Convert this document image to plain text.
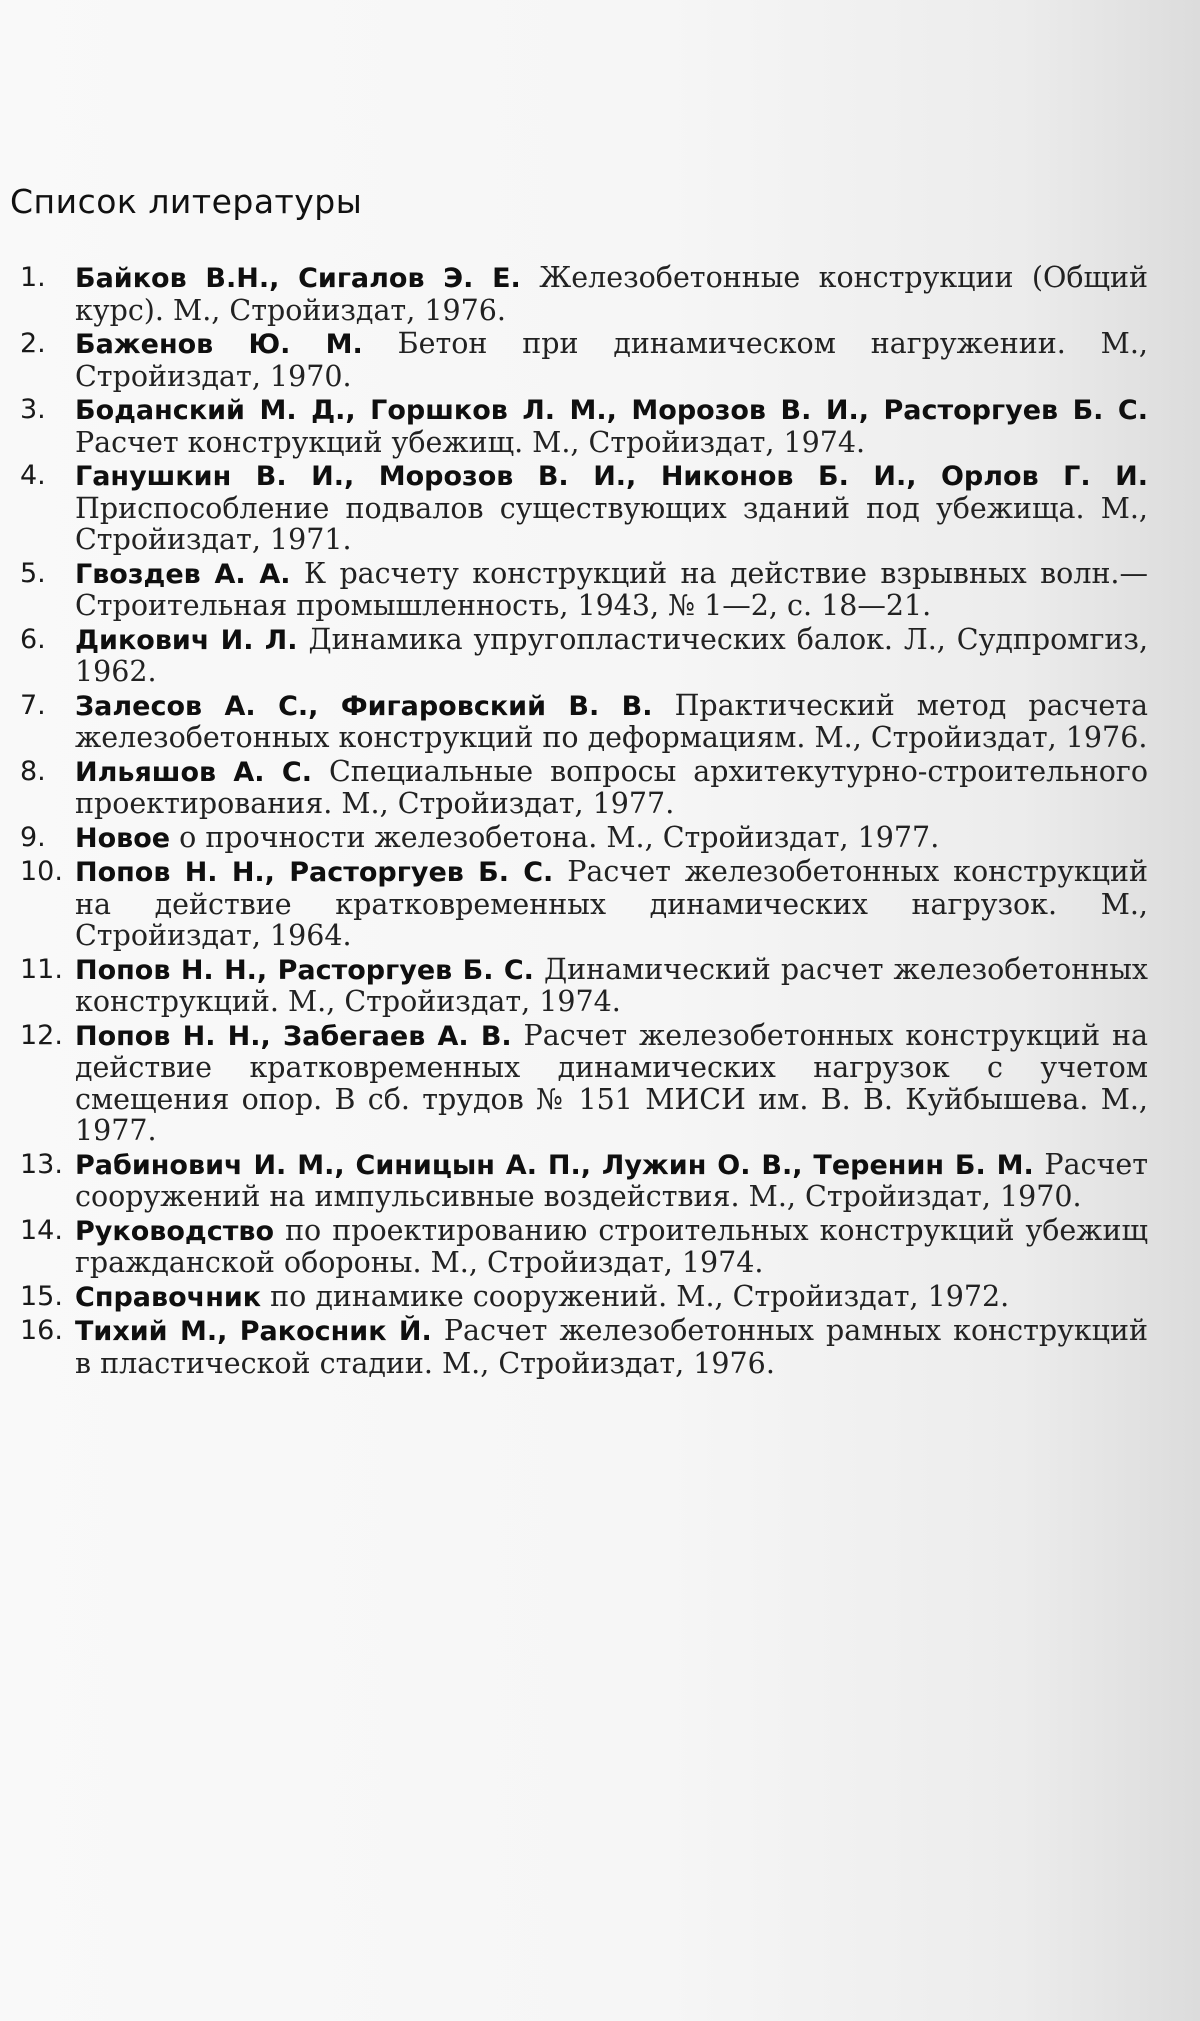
Список литературы
1.	Байков В.Н., Сигалов Э. Е. Железобетонные конструкции (Общий курс). М., Стройиздат, 1976.
2.	Баженов Ю. М. Бетон при динамическом нагружении. М., Стройиздат, 1970.
3.	Боданский М. Д., Горшков Л. М., Морозов В. И., Расторгуев Б. С. Расчет конструкций убежищ. М., Стройиздат, 1974.
4.	Ганушкин В. И., Морозов В. И., Никонов Б. И., Орлов Г. И. Приспособление подвалов существующих зданий под убежища. М., Стройиздат, 1971.
5.	Гвоздев А. А. К расчету конструкций на действие взрывных волн.— Строительная промышленность, 1943, № 1—2, с. 18—21.
6.	Дикович И. Л. Динамика упругопластических балок. Л., Судпромгиз, 1962.
7.	Залесов А. С., Фигаровский В. В. Практический метод расчета железобетонных конструкций по деформациям. М., Стройиздат, 1976.
8.	Ильяшов А. С. Специальные вопросы архитекутурно-строительного проектирования. М., Стройиздат, 1977.
9.	Новое о прочности железобетона. М., Стройиздат, 1977.
10. Попов Н. Н., Расторгуев Б. С. Расчет железобетонных конструкций на действие кратковременных динамических нагрузок. М., Стройиздат, 1964.
11. Попов Н. Н., Расторгуев Б. С. Динамический расчет железобетонных конструкций. М., Стройиздат, 1974.
12. Попов Н. Н., Забегаев А. В. Расчет железобетонных конструкций на действие кратковременных динамических нагрузок с учетом смещения опор. В сб. трудов № 151 МИСИ им. В. В. Куйбышева. М., 1977.
13. Рабинович И. М., Синицын А. П., Лужин О. В., Теренин Б. М. Расчет сооружений на импульсивные воздействия. М., Стройиздат, 1970.
14. Руководство по проектированию строительных конструкций убежищ гражданской обороны. М., Стройиздат, 1974.
15. Справочник по динамике сооружений. М., Стройиздат, 1972.
16. Тихий М., Ракосник Й. Расчет железобетонных рамных конструкций в пластической стадии. М., Стройиздат, 1976.
